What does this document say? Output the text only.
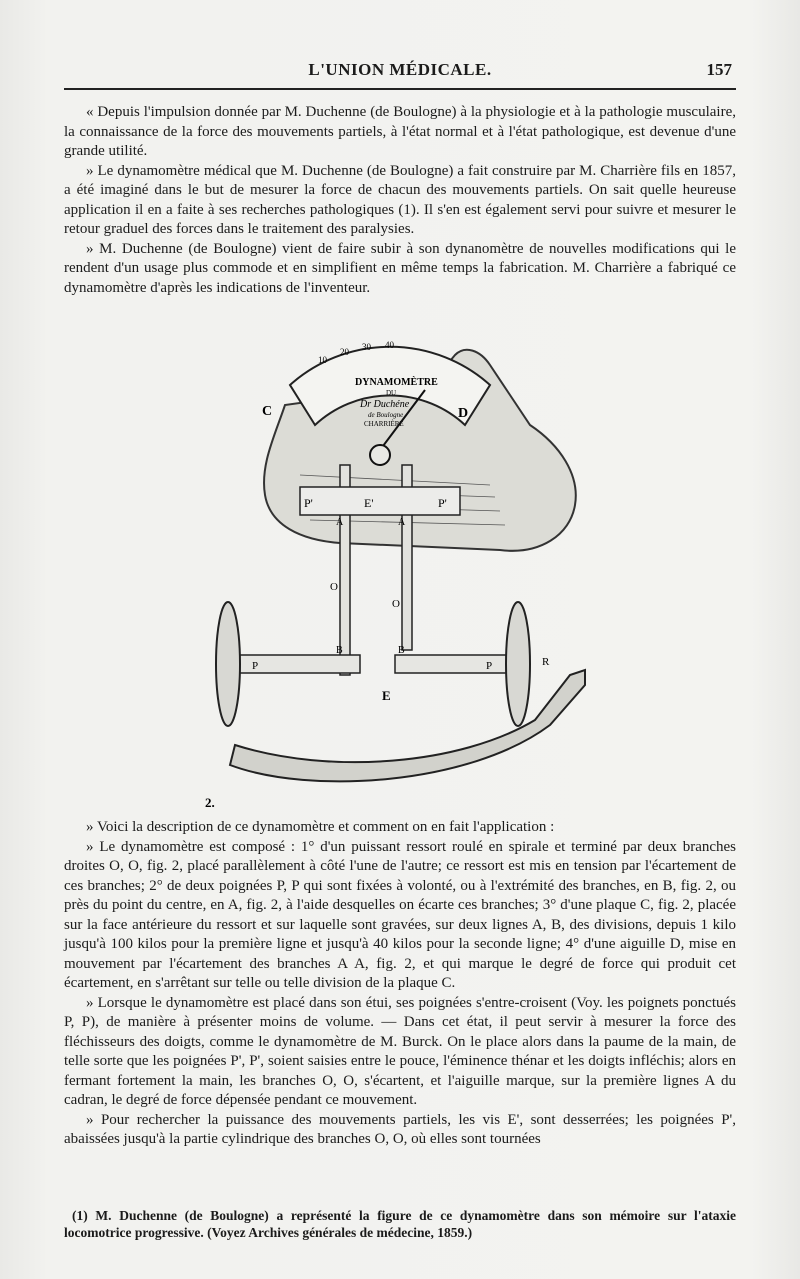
L'UNION MÉDICALE.	157

« Depuis l'impulsion donnée par M. Duchenne (de Boulogne) à la physiologie et à la pathologie musculaire, la connaissance de la force des mouvements partiels, à l'état normal et à l'état pathologique, est devenue d'une grande utilité.

» Le dynamomètre médical que M. Duchenne (de Boulogne) a fait construire par M. Charrière fils en 1857, a été imaginé dans le but de mesurer la force de chacun des mouvements partiels. On sait quelle heureuse application il en a faite à ses recherches pathologiques (1). Il s'en est également servi pour suivre et mesurer le retour graduel des forces dans le traitement des paralysies.

» M. Duchenne (de Boulogne) vient de faire subir à son dynanomètre de nouvelles modifications qui le rendent d'un usage plus commode et en simplifient en même temps la fabrication. M. Charrière a fabriqué ce dynamomètre d'après les indications de l'inventeur.

10
20 30 40
DYNAMOMÈTRE
DU
Dr Duchéne
de Boulogne
CHARRIÈRE
C	D
P'	E'	P'
A	A
O
O
B	B
P	P
E
R
2.

» Voici la description de ce dynamomètre et comment on en fait l'application :

» Le dynamomètre est composé : 1° d'un puissant ressort roulé en spirale et terminé par deux branches droites O, O, fig. 2, placé parallèlement à côté l'une de l'autre; ce ressort est mis en tension par l'écartement de ces branches; 2° de deux poignées P, P qui sont fixées à volonté, ou à l'extrémité des branches, en B, fig. 2, ou près du point du centre, en A, fig. 2, à l'aide desquelles on écarte ces branches; 3° d'une plaque C, fig. 2, placée sur la face antérieure du ressort et sur laquelle sont gravées, sur deux lignes A, B, des divisions, depuis 1 kilo jusqu'à 100 kilos pour la première ligne et jusqu'à 40 kilos pour la seconde ligne; 4° d'une aiguille D, mise en mouvement par l'écartement des branches A A, fig. 2, et qui marque le degré de force qui produit cet écartement, en s'arrêtant sur telle ou telle division de la plaque C.

» Lorsque le dynamomètre est placé dans son étui, ses poignées s'entre-croisent (Voy. les poignets ponctués P, P), de manière à présenter moins de volume. — Dans cet état, il peut servir à mesurer la force des fléchisseurs des doigts, comme le dynamomètre de M. Burck. On le place alors dans la paume de la main, de telle sorte que les poignées P', P', soient saisies entre le pouce, l'éminence thénar et les doigts infléchis; alors en fermant fortement la main, les branches O, O, s'écartent, et l'aiguille marque, sur la première lignes A du cadran, le degré de force dépensée pendant ce mouvement.

» Pour rechercher la puissance des mouvements partiels, les vis E', sont desserrées; les poignées P', abaissées jusqu'à la partie cylindrique des branches O, O, où elles sont tournées

(1) M. Duchenne (de Boulogne) a représenté la figure de ce dynamomètre dans son mémoire sur l'ataxie locomotrice progressive. (Voyez Archives générales de médecine, 1859.)
